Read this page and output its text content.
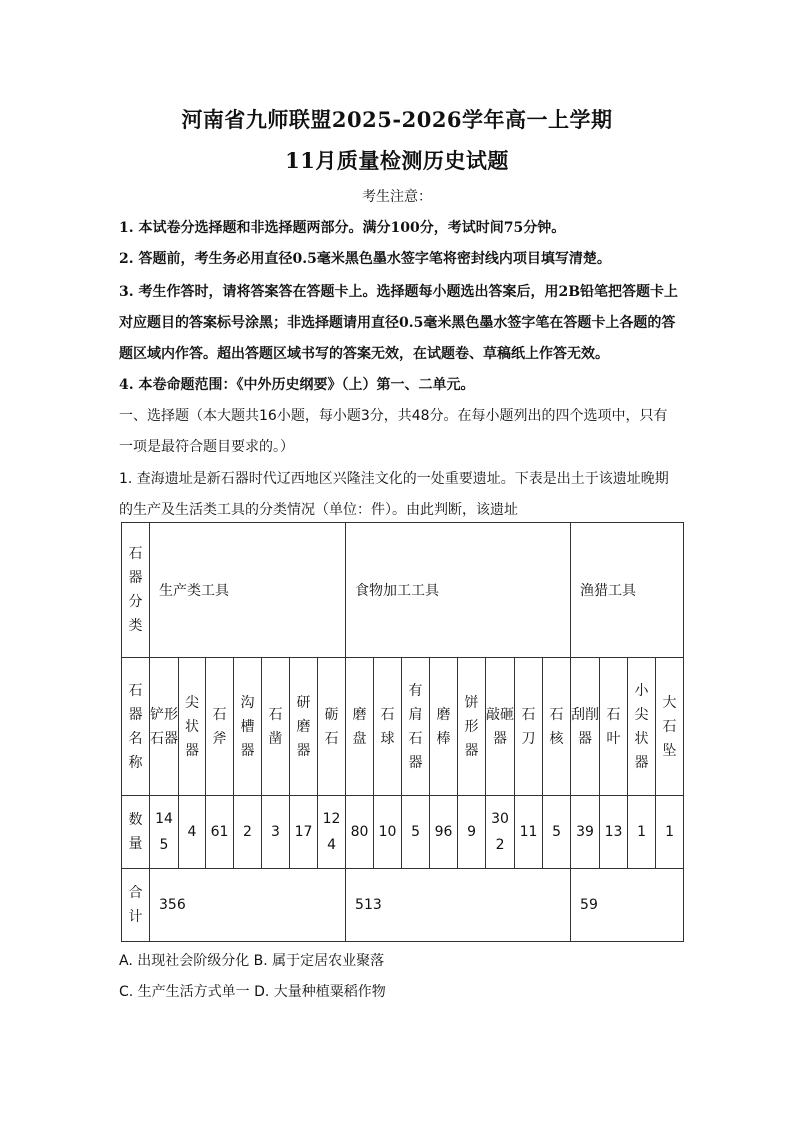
河南省九师联盟2025-2026学年高一上学期
11月质量检测历史试题
考生注意：
1. 本试卷分选择题和非选择题两部分。满分100分，考试时间75分钟。
2. 答题前，考生务必用直径0.5毫米黑色墨水签字笔将密封线内项目填写清楚。
3. 考生作答时，请将答案答在答题卡上。选择题每小题选出答案后，用2B铅笔把答题卡上
对应题目的答案标号涂黑；非选择题请用直径0.5毫米黑色墨水签字笔在答题卡上各题的答
题区域内作答。超出答题区域书写的答案无效，在试题卷、草稿纸上作答无效。
4. 本卷命题范围：《中外历史纲要》（上）第一、二单元。
一、选择题（本大题共16小题，每小题3分，共48分。在每小题列出的四个选项中，只有
一项是最符合题目要求的。）
1. 查海遗址是新石器时代辽西地区兴隆洼文化的一处重要遗址。下表是出土于该遗址晚期
的生产及生活类工具的分类情况（单位：件）。由此判断，该遗址
石器分类	生产类工具							食物加工工具								渔猎工具			
石器名称	铲形石器	尖状器	石斧	沟槽器	石凿	研磨器	砺石	磨盘	石球	有肩石器	磨棒	饼形器	敲砸器	石刀	石核	刮削器	石叶	小尖状器	大石坠
数量	145	4	61	2	3	17	124	80	10	5	96	9	302	11	5	39	13	1	1
合计	356							513								59			
A. 出现社会阶级分化 B. 属于定居农业聚落
C. 生产生活方式单一 D. 大量种植粟稻作物
